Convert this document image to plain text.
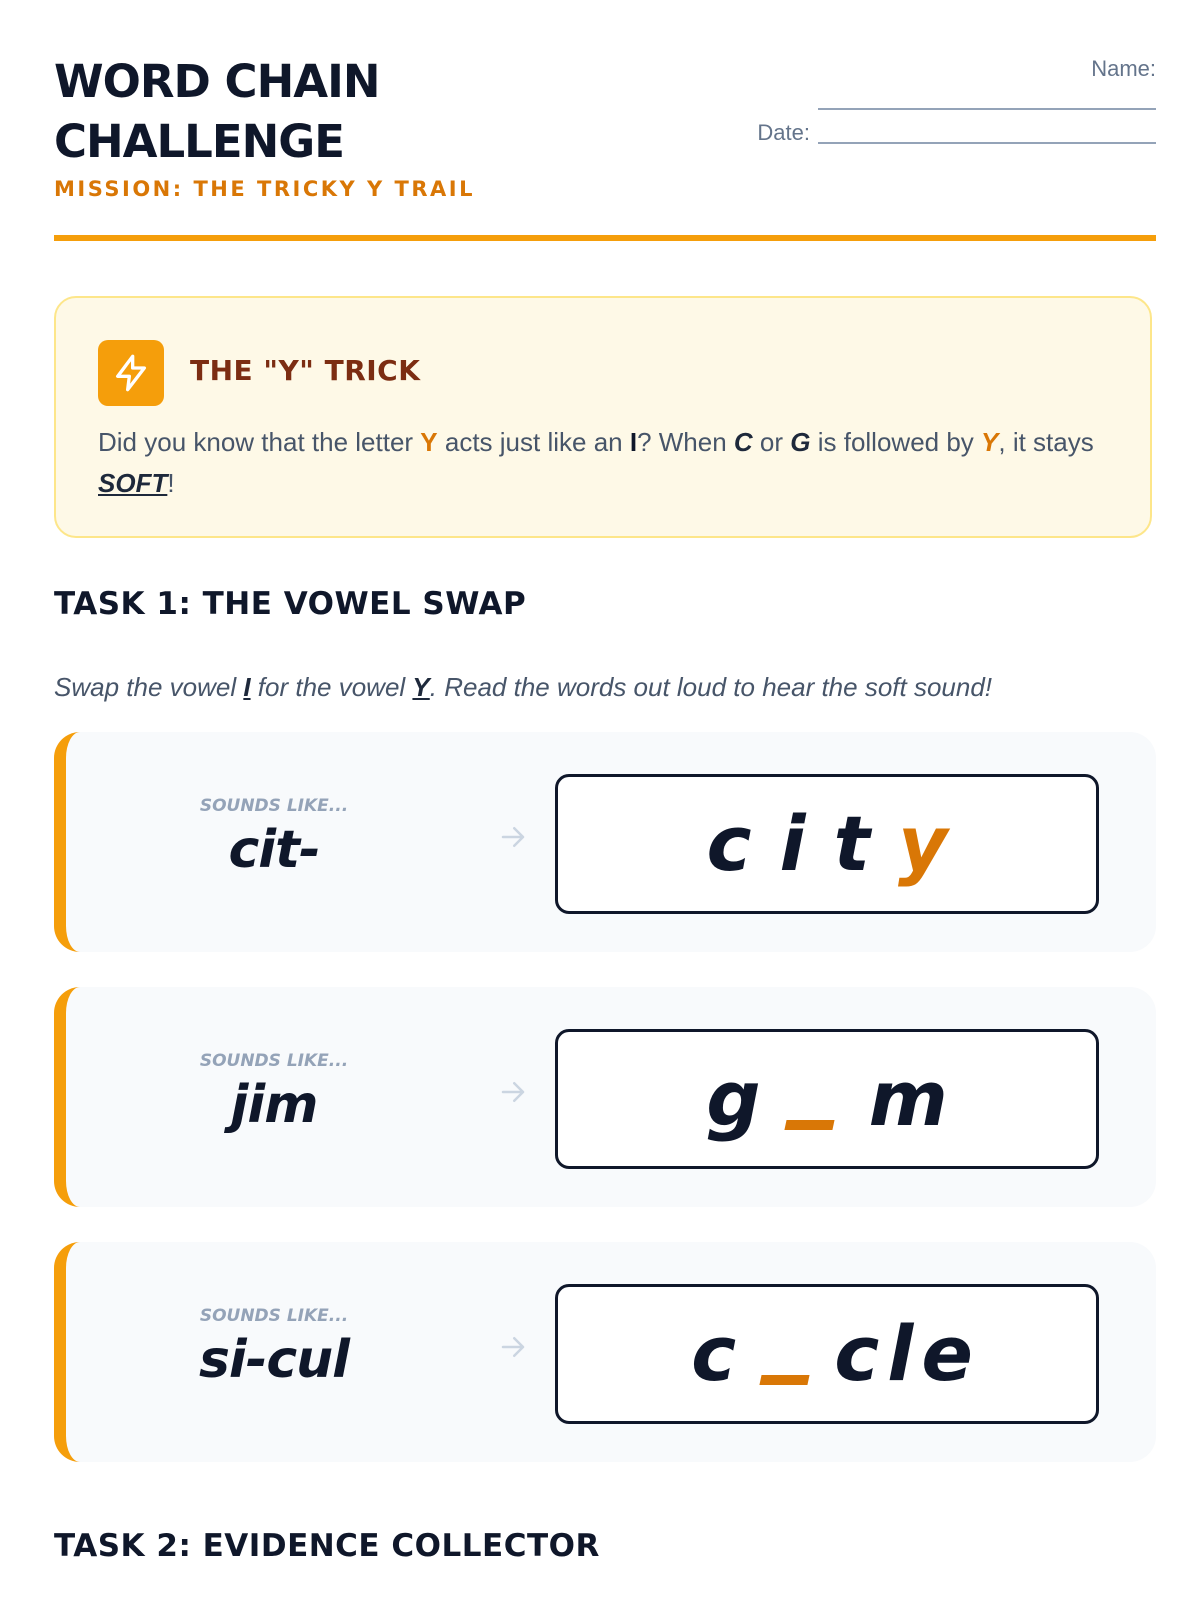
WORD CHAIN CHALLENGE
MISSION: THE TRICKY Y TRAIL
Name:
Date:
THE "Y" TRICK

Did you know that the letter Y acts just like an I? When C or G is followed by Y, it stays SOFT!

TASK 1: THE VOWEL SWAP

Swap the vowel I for the vowel Y. Read the words out loud to hear the soft sound!

SOUNDS LIKE...
cit-	c i t y
SOUNDS LIKE...
jim	g m
SOUNDS LIKE...
si-cul	c c l e
TASK 2: EVIDENCE COLLECTOR
